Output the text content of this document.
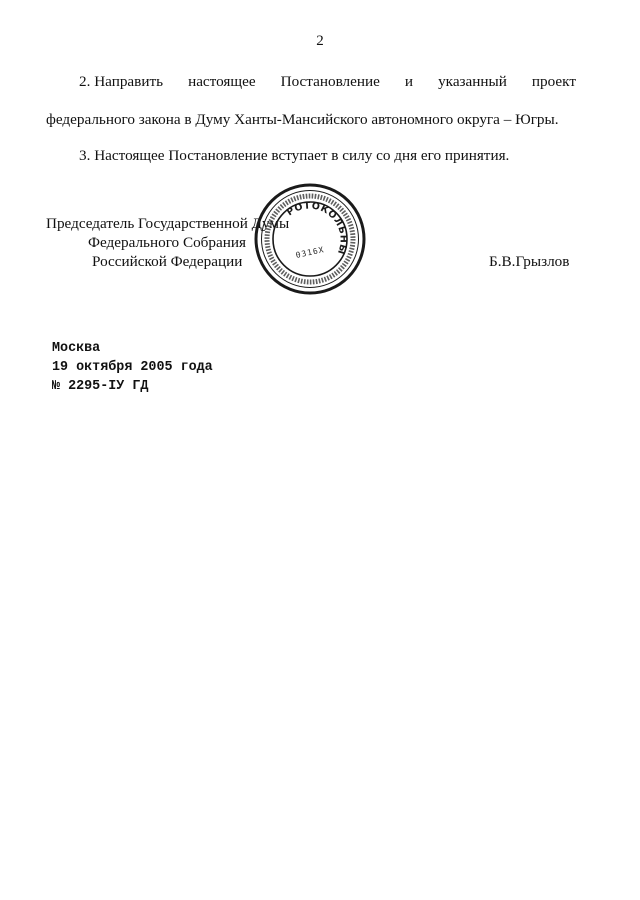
2
2. Направить настоящее Постановление и указанный проект
федерального закона в Думу Ханты-Мансийского автономного округа – Югры.
3. Настоящее Постановление вступает в силу со дня его принятия.
Председатель Государственной Думы
Федерального Собрания
Российской Федерации	Б.В.Грызлов
ПРОТОКОЛЬНЫЙ
0316Х
Москва
19 октября 2005 года
№ 2295-IУ ГД
